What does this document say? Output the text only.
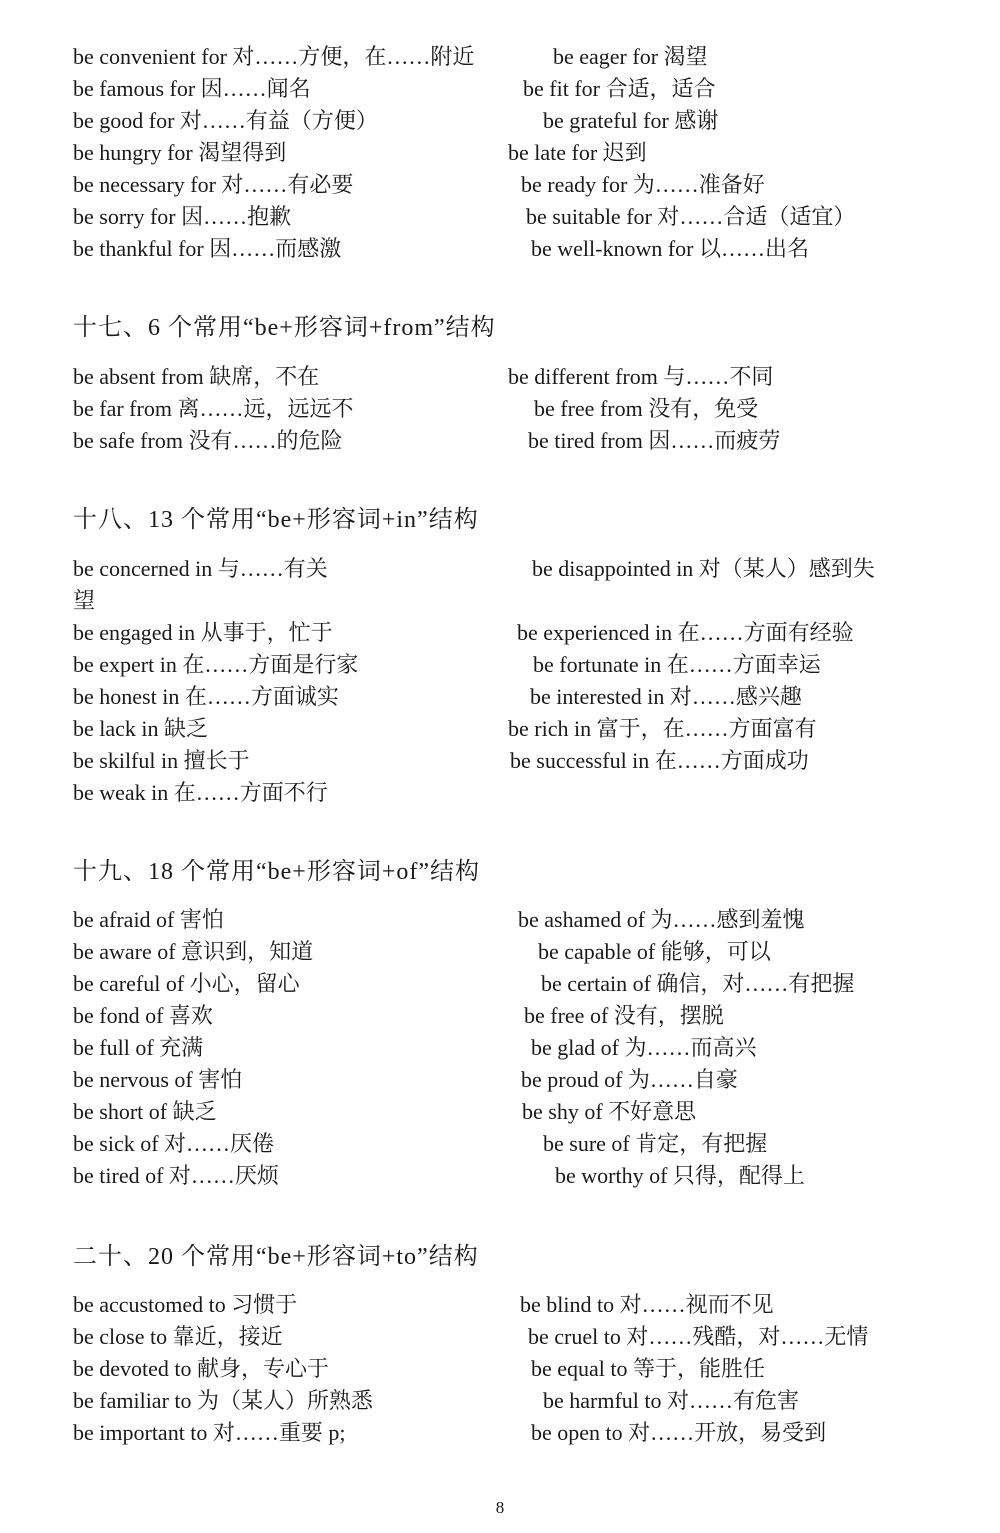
be convenient for 对……方便，在……附近	be eager for 渴望
be famous for 因……闻名	be fit for 合适，适合
be good for 对……有益（方便）	be grateful for 感谢
be hungry for 渴望得到	be late for 迟到
be necessary for 对……有必要	be ready for 为……准备好
be sorry for 因……抱歉	be suitable for 对……合适（适宜）
be thankful for 因……而感激	be well-known for 以……出名
十七、6 个常用“be+形容词+from”结构
be absent from 缺席，不在	be different from 与……不同
be far from 离……远，远远不	be free from 没有，免受
be safe from 没有……的危险	be tired from 因……而疲劳
十八、13 个常用“be+形容词+in”结构
be concerned in 与……有关	be disappointed in 对（某人）感到失
望
be engaged in 从事于，忙于	be experienced in 在……方面有经验
be expert in 在……方面是行家	be fortunate in 在……方面幸运
be honest in 在……方面诚实	be interested in 对……感兴趣
be lack in 缺乏	be rich in 富于，在……方面富有
be skilful in 擅长于	be successful in 在……方面成功
be weak in 在……方面不行
十九、18 个常用“be+形容词+of”结构
be afraid of 害怕	be ashamed of 为……感到羞愧
be aware of 意识到，知道	be capable of 能够，可以
be careful of 小心，留心	be certain of 确信，对……有把握
be fond of 喜欢	be free of 没有，摆脱
be full of 充满	be glad of 为……而高兴
be nervous of 害怕	be proud of 为……自豪
be short of 缺乏	be shy of 不好意思
be sick of 对……厌倦	be sure of 肯定，有把握
be tired of 对……厌烦	be worthy of 只得，配得上
二十、20 个常用“be+形容词+to”结构
be accustomed to 习惯于	be blind to 对……视而不见
be close to 靠近，接近	be cruel to 对……残酷，对……无情
be devoted to 献身，专心于	be equal to 等于，能胜任
be familiar to 为（某人）所熟悉	be harmful to 对……有危害
be important to 对……重要 p;	be open to 对……开放，易受到
8
